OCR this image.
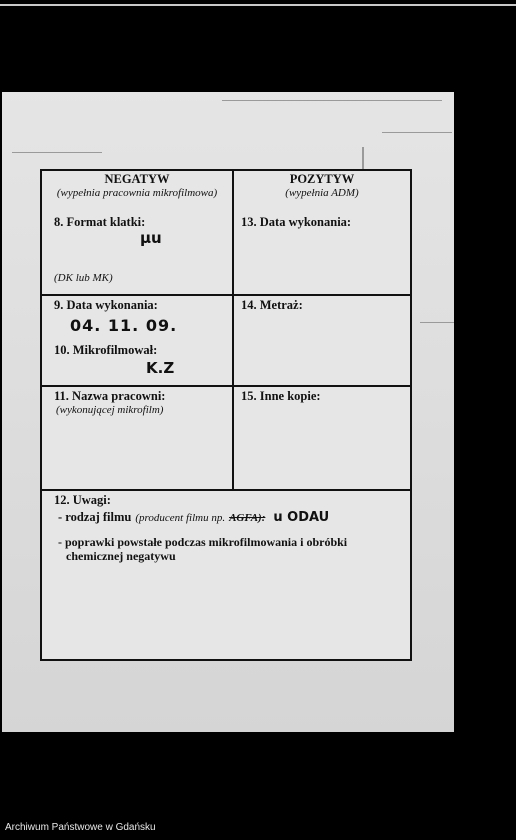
NEGATYW
(wypełnia pracownia mikrofilmowa)
8. Format klatki:
μu
(DK lub MK)
POZYTYW
(wypełnia ADM)
13. Data wykonania:
9. Data wykonania:
04. 11. 09.
10. Mikrofilmował:
K.Z
14. Metraż:
11. Nazwa pracowni:
(wykonującej mikrofilm)
15. Inne kopie:
12. Uwagi:
- rodzaj filmu (producent filmu np. AGFA): u ODAU
- poprawki powstałe podczas mikrofilmowania i obróbki
chemicznej negatywu
Archiwum Państwowe w Gdańsku
